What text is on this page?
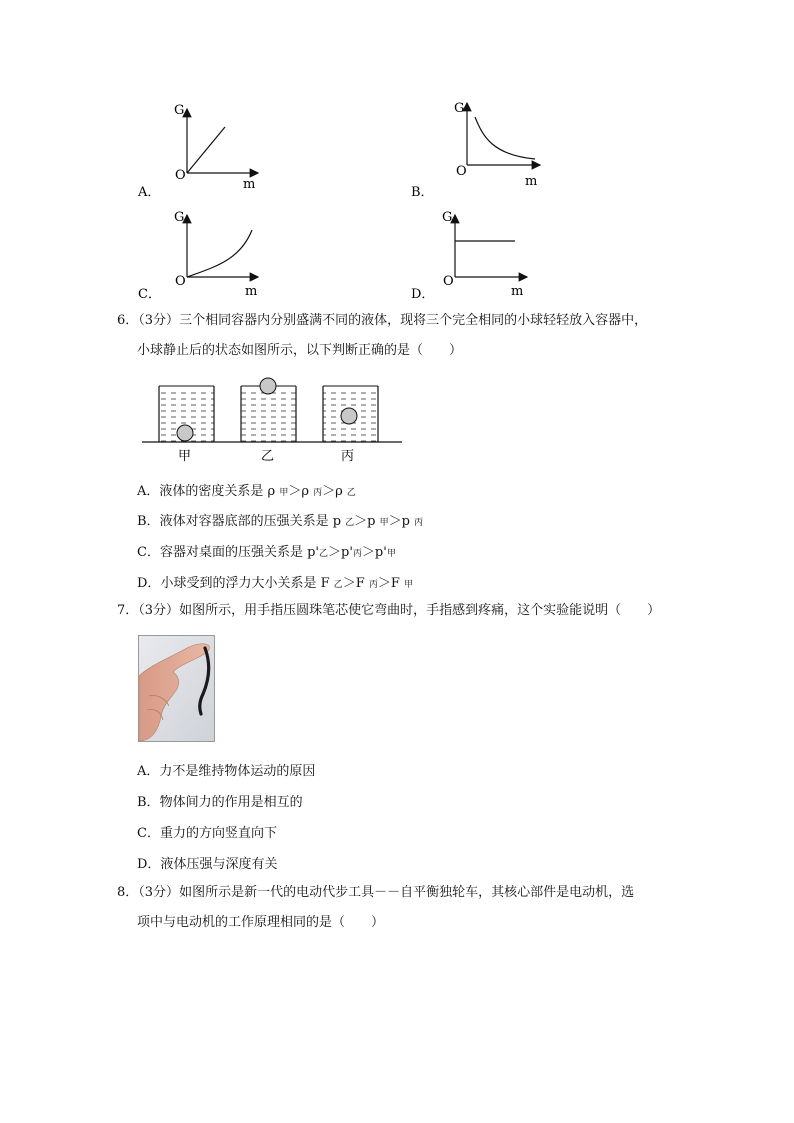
G
O
m
A．
G
O
m
B．
G
O
m
C．
G
O
m
D．
6．（3分）三个相同容器内分别盛满不同的液体，现将三个完全相同的小球轻轻放入容器中，
小球静止后的状态如图所示，以下判断正确的是（　　）
甲	乙	丙
A．液体的密度关系是 ρ 甲＞ρ 丙＞ρ 乙
B．液体对容器底部的压强关系是 p 乙＞p 甲＞p 丙
C．容器对桌面的压强关系是 p'乙＞p'丙＞p'甲
D．小球受到的浮力大小关系是 F 乙＞F 丙＞F 甲
7．（3分）如图所示，用手指压圆珠笔芯使它弯曲时，手指感到疼痛，这个实验能说明（　　）
A．力不是维持物体运动的原因
B．物体间力的作用是相互的
C．重力的方向竖直向下
D．液体压强与深度有关
8．（3分）如图所示是新一代的电动代步工具－－自平衡独轮车，其核心部件是电动机，选
项中与电动机的工作原理相同的是（　　）
